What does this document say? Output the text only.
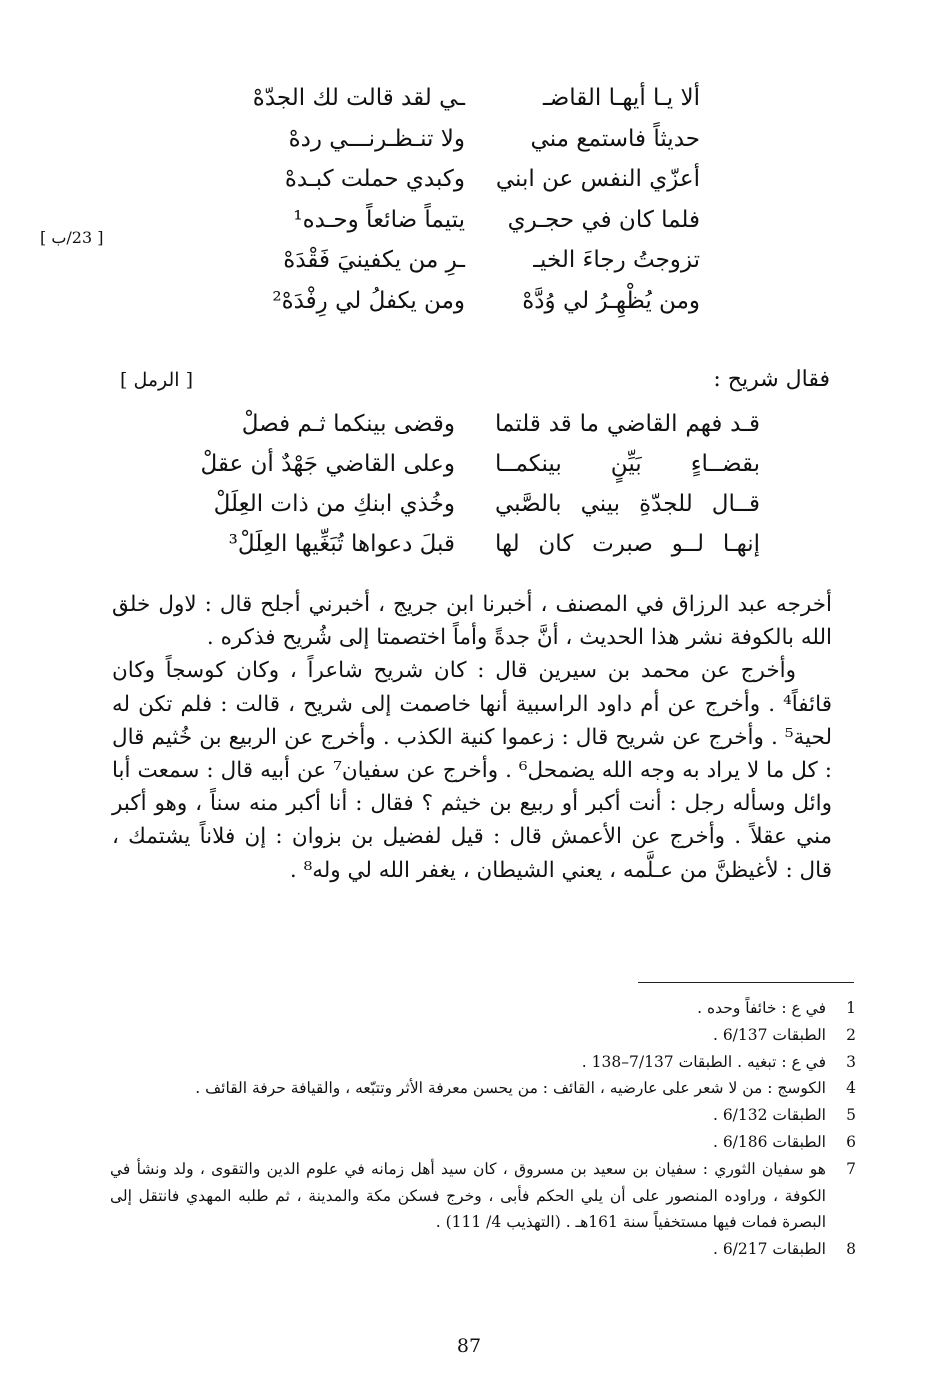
ألا يـا أيهـا القاضـ
ـي لقد قالت لك الجدّهْ
حديثاً فاستمع مني
ولا تنـظـرنـــي ردهْ
أعزّي النفس عن ابني
وكبدي حملت كبـدهْ
فلما كان في حجـري
يتيماً ضائعاً وحـده¹
تزوجتُ رجاءَ الخيـ
ـرِ من يكفينيَ فَقْدَهْ
ومن يُظْهِـرُ لي وُدَّهْ
ومن يكفلُ لي رِفْدَهْ²
[ 23/ب ]
فقال شريح :
[ الرمل ]
قـد فهم القاضي ما قد قلتما
وقضى بينكما ثـم فصلْ
بقضــاءٍ بَيِّنٍ بينكمــا
وعلى القاضي جَهْدٌ أن عقلْ
قــال للجدّةِ بيني بالصَّبي
وخُذي ابنكِ من ذات العِلَلْ
إنهـا لــو صبرت كان لها
قبلَ دعواها تُبَغِّيها العِلَلْ³

أخرجه عبد الرزاق في المصنف ، أخبرنا ابن جريج ، أخبرني أجلح قال : لاول خلق الله بالكوفة نشر هذا الحديث ، أنَّ جدةً وأماً اختصمتا إلى شُريح فذكره .

وأخرج عن محمد بن سيرين قال : كان شريح شاعراً ، وكان كوسجاً وكان قائفاً⁴ . وأخرج عن أم داود الراسبية أنها خاصمت إلى شريح ، قالت : فلم تكن له لحية⁵ . وأخرج عن شريح قال : زعموا كنية الكذب . وأخرج عن الربيع بن خُثيم قال : كل ما لا يراد به وجه الله يضمحل⁶ . وأخرج عن سفيان⁷ عن أبيه قال : سمعت أبا وائل وسأله رجل : أنت أكبر أو ربيع بن خيثم ؟ فقال : أنا أكبر منه سناً ، وهو أكبر مني عقلاً . وأخرج عن الأعمش قال : قيل لفضيل بن بزوان : إن فلاناً يشتمك ، قال : لأغيظنَّ من عـلَّمه ، يعني الشيطان ، يغفر الله لي وله⁸ .

1
في ع : خائفاً وحده .
2
الطبقات 6/137 .
3
في ع : تبغيه . الطبقات 7/137–138 .
4
الكوسج : من لا شعر على عارضيه ، القائف : من يحسن معرفة الأثر وتتبّعه ، والقيافة حرفة القائف .
5
الطبقات 6/132 .
6
الطبقات 6/186 .
7
هو سفيان الثوري : سفيان بن سعيد بن مسروق ، كان سيد أهل زمانه في علوم الدين والتقوى ، ولد ونشأ في الكوفة ، وراوده المنصور على أن يلي الحكم فأبى ، وخرج فسكن مكة والمدينة ، ثم طلبه المهدي فانتقل إلى البصرة فمات فيها مستخفياً سنة 161هـ . (التهذيب 4/ 111) .
8
الطبقات 6/217 .
87
